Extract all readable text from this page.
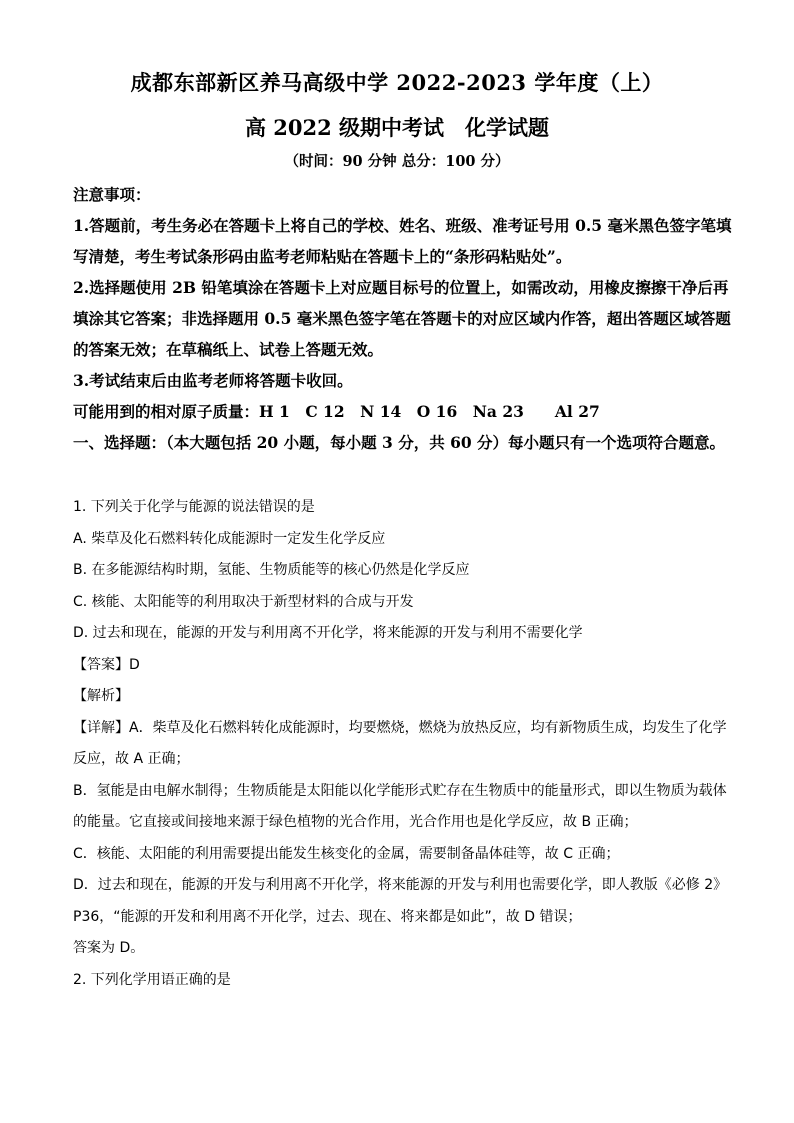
成都东部新区养马高级中学 2022-2023 学年度（上）
高 2022 级期中考试　化学试题
（时间：90 分钟 总分：100 分）

注意事项：

1.答题前，考生务必在答题卡上将自己的学校、姓名、班级、准考证号用 0.5 毫米黑色签字笔填写清楚，考生考试条形码由监考老师粘贴在答题卡上的“条形码粘贴处”。

2.选择题使用 2B 铅笔填涂在答题卡上对应题目标号的位置上，如需改动，用橡皮擦擦干净后再填涂其它答案；非选择题用 0.5 毫米黑色签字笔在答题卡的对应区域内作答，超出答题区域答题的答案无效；在草稿纸上、试卷上答题无效。

3.考试结束后由监考老师将答题卡收回。

可能用到的相对原子质量：H 1　C 12　N 14　O 16　Na 23　　Al 27

一、选择题：（本大题包括 20 小题，每小题 3 分，共 60 分）每小题只有一个选项符合题意。

1. 下列关于化学与能源的说法错误的是

A. 柴草及化石燃料转化成能源时一定发生化学反应

B. 在多能源结构时期，氢能、生物质能等的核心仍然是化学反应

C. 核能、太阳能等的利用取决于新型材料的合成与开发

D. 过去和现在，能源的开发与利用离不开化学，将来能源的开发与利用不需要化学

【答案】D

【解析】

【详解】A．柴草及化石燃料转化成能源时，均要燃烧，燃烧为放热反应，均有新物质生成，均发生了化学反应，故 A 正确；

B．氢能是由电解水制得；生物质能是太阳能以化学能形式贮存在生物质中的能量形式，即以生物质为载体的能量。它直接或间接地来源于绿色植物的光合作用，光合作用也是化学反应，故 B 正确；

C．核能、太阳能的利用需要提出能发生核变化的金属，需要制备晶体硅等，故 C 正确；

D．过去和现在，能源的开发与利用离不开化学，将来能源的开发与利用也需要化学，即人教版《必修 2》P36，“能源的开发和利用离不开化学，过去、现在、将来都是如此”，故 D 错误；

答案为 D。

2. 下列化学用语正确的是
